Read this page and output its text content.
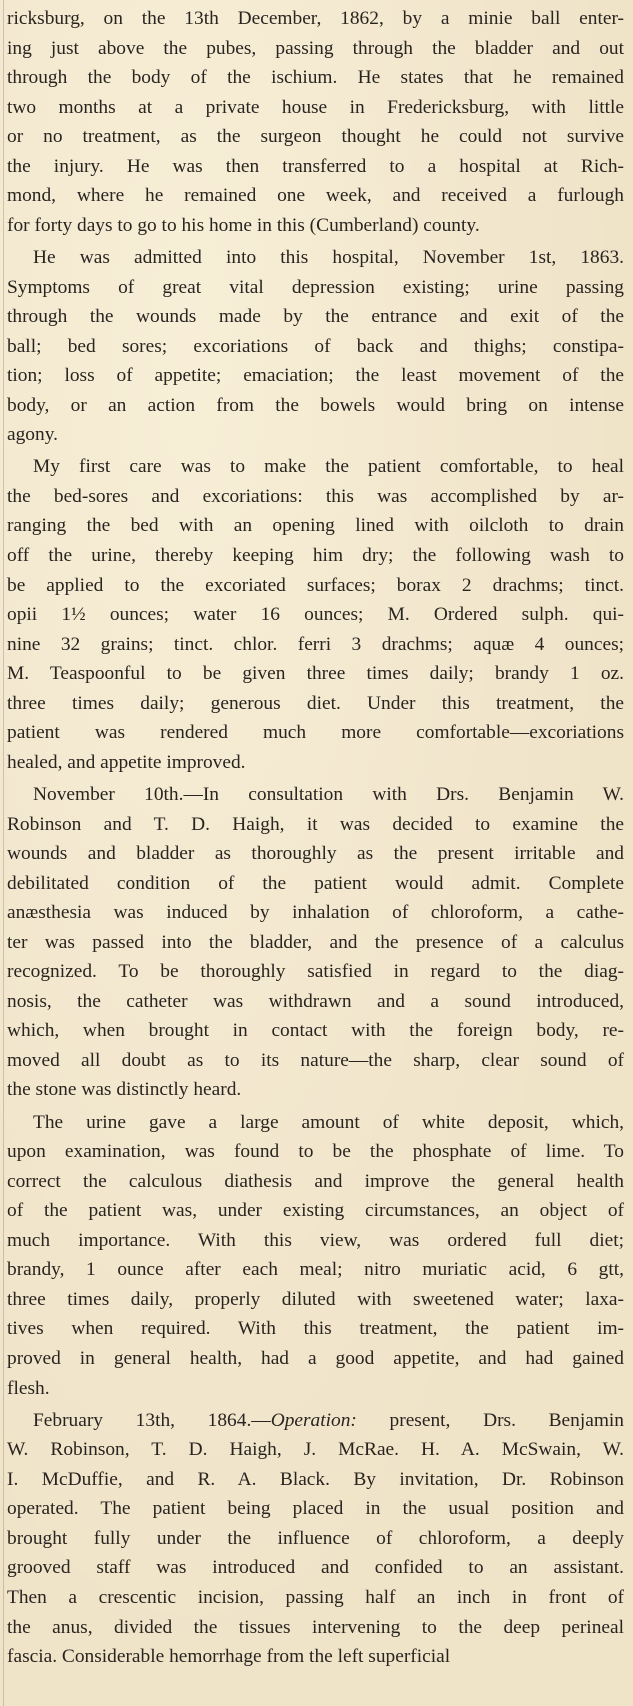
ricksburg, on the 13th December, 1862, by a minie ball enter-
ing just above the pubes, passing through the bladder and out
through the body of the ischium. He states that he remained
two months at a private house in Fredericksburg, with little
or no treatment, as the surgeon thought he could not survive
the injury. He was then transferred to a hospital at Rich-
mond, where he remained one week, and received a furlough
for forty days to go to his home in this (Cumberland) county.
He was admitted into this hospital, November 1st, 1863.
Symptoms of great vital depression existing; urine passing
through the wounds made by the entrance and exit of the
ball; bed sores; excoriations of back and thighs; constipa-
tion; loss of appetite; emaciation; the least movement of the
body, or an action from the bowels would bring on intense
agony.
My first care was to make the patient comfortable, to heal
the bed-sores and excoriations: this was accomplished by ar-
ranging the bed with an opening lined with oilcloth to drain
off the urine, thereby keeping him dry; the following wash to
be applied to the excoriated surfaces; borax 2 drachms; tinct.
opii 1½ ounces; water 16 ounces; M. Ordered sulph. qui-
nine 32 grains; tinct. chlor. ferri 3 drachms; aquæ 4 ounces;
M. Teaspoonful to be given three times daily; brandy 1 oz.
three times daily; generous diet. Under this treatment, the
patient was rendered much more comfortable—excoriations
healed, and appetite improved.
November 10th.—In consultation with Drs. Benjamin W.
Robinson and T. D. Haigh, it was decided to examine the
wounds and bladder as thoroughly as the present irritable and
debilitated condition of the patient would admit. Complete
anæsthesia was induced by inhalation of chloroform, a cathe-
ter was passed into the bladder, and the presence of a calculus
recognized. To be thoroughly satisfied in regard to the diag-
nosis, the catheter was withdrawn and a sound introduced,
which, when brought in contact with the foreign body, re-
moved all doubt as to its nature—the sharp, clear sound of
the stone was distinctly heard.
The urine gave a large amount of white deposit, which,
upon examination, was found to be the phosphate of lime. To
correct the calculous diathesis and improve the general health
of the patient was, under existing circumstances, an object of
much importance. With this view, was ordered full diet;
brandy, 1 ounce after each meal; nitro muriatic acid, 6 gtt,
three times daily, properly diluted with sweetened water; laxa-
tives when required. With this treatment, the patient im-
proved in general health, had a good appetite, and had gained
flesh.
February 13th, 1864.—Operation: present, Drs. Benjamin
W. Robinson, T. D. Haigh, J. McRae. H. A. McSwain, W.
I. McDuffie, and R. A. Black. By invitation, Dr. Robinson
operated. The patient being placed in the usual position and
brought fully under the influence of chloroform, a deeply
grooved staff was introduced and confided to an assistant.
Then a crescentic incision, passing half an inch in front of
the anus, divided the tissues intervening to the deep perineal
fascia. Considerable hemorrhage from the left superficial
